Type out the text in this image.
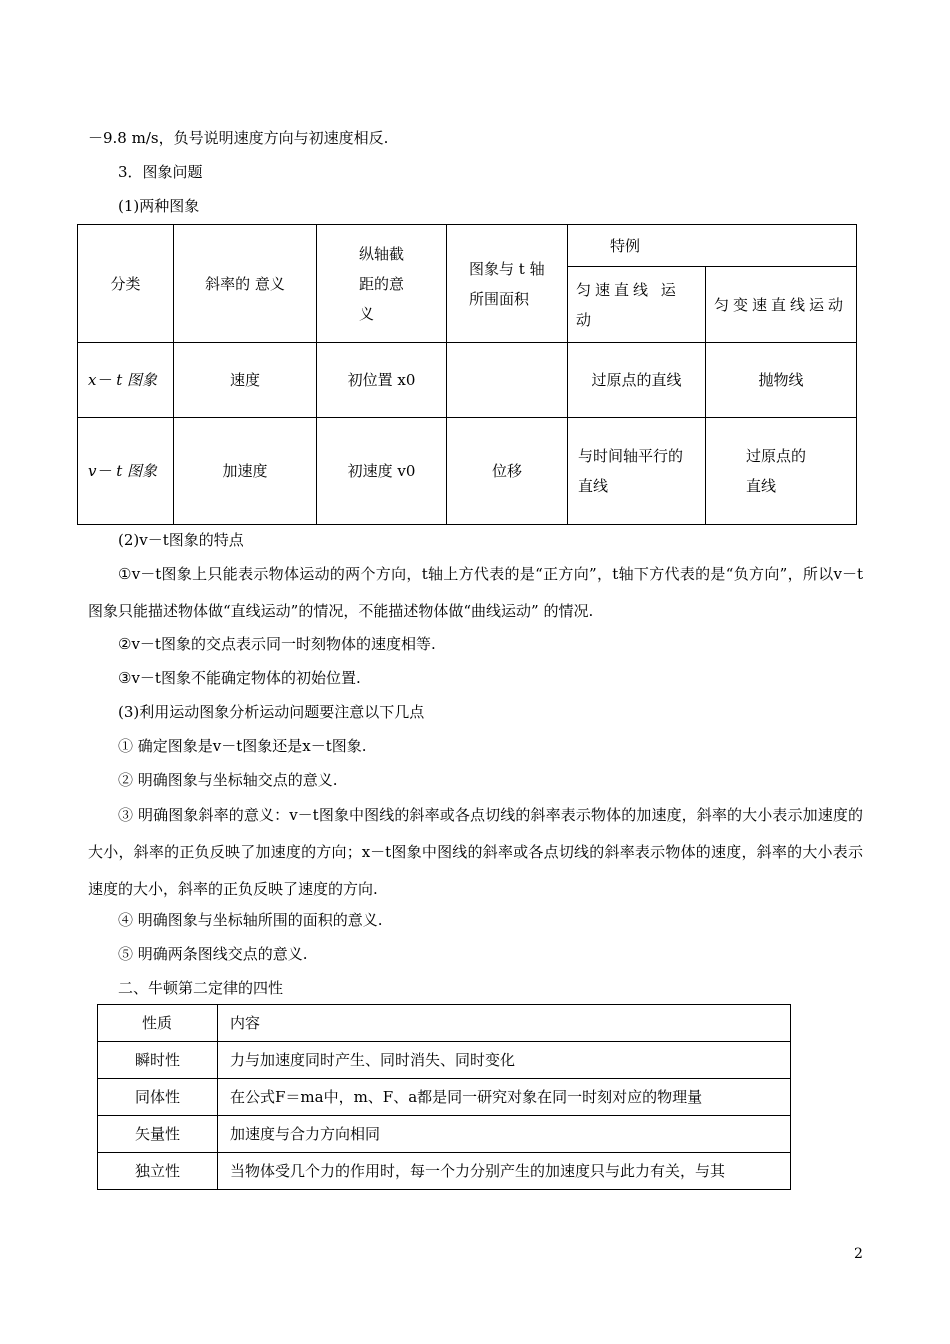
－9.8 m/s，负号说明速度方向与初速度相反.
3．图象问题
(1)两种图象
分类	斜率的 意义	纵轴截距的意义	图象与 t 轴所围面积	特例	
				匀速直线 运动	匀变速直线运动
x－ t 图象	速度	初位置 x0		过原点的直线	抛物线
v－ t 图象	加速度	初速度 v0	位移	与时间轴平行的直线	过原点的直线
(2)v－t图象的特点
①v－t图象上只能表示物体运动的两个方向，t轴上方代表的是“正方向”，t轴下方代表的是“负方向”，所以v－t图象只能描述物体做“直线运动”的情况，不能描述物体做“曲线运动” 的情况.
②v－t图象的交点表示同一时刻物体的速度相等.
③v－t图象不能确定物体的初始位置.
(3)利用运动图象分析运动问题要注意以下几点
① 确定图象是v－t图象还是x－t图象.
② 明确图象与坐标轴交点的意义.
③ 明确图象斜率的意义：v－t图象中图线的斜率或各点切线的斜率表示物体的加速度，斜率的大小表示加速度的大小，斜率的正负反映了加速度的方向；x－t图象中图线的斜率或各点切线的斜率表示物体的速度，斜率的大小表示速度的大小，斜率的正负反映了速度的方向.
④ 明确图象与坐标轴所围的面积的意义.
⑤ 明确两条图线交点的意义.
二、牛顿第二定律的四性
性质	内容
瞬时性	力与加速度同时产生、同时消失、同时变化
同体性	在公式F＝ma中，m、F、a都是同一研究对象在同一时刻对应的物理量
矢量性	加速度与合力方向相同
独立性	当物体受几个力的作用时，每一个力分别产生的加速度只与此力有关，与其
2
